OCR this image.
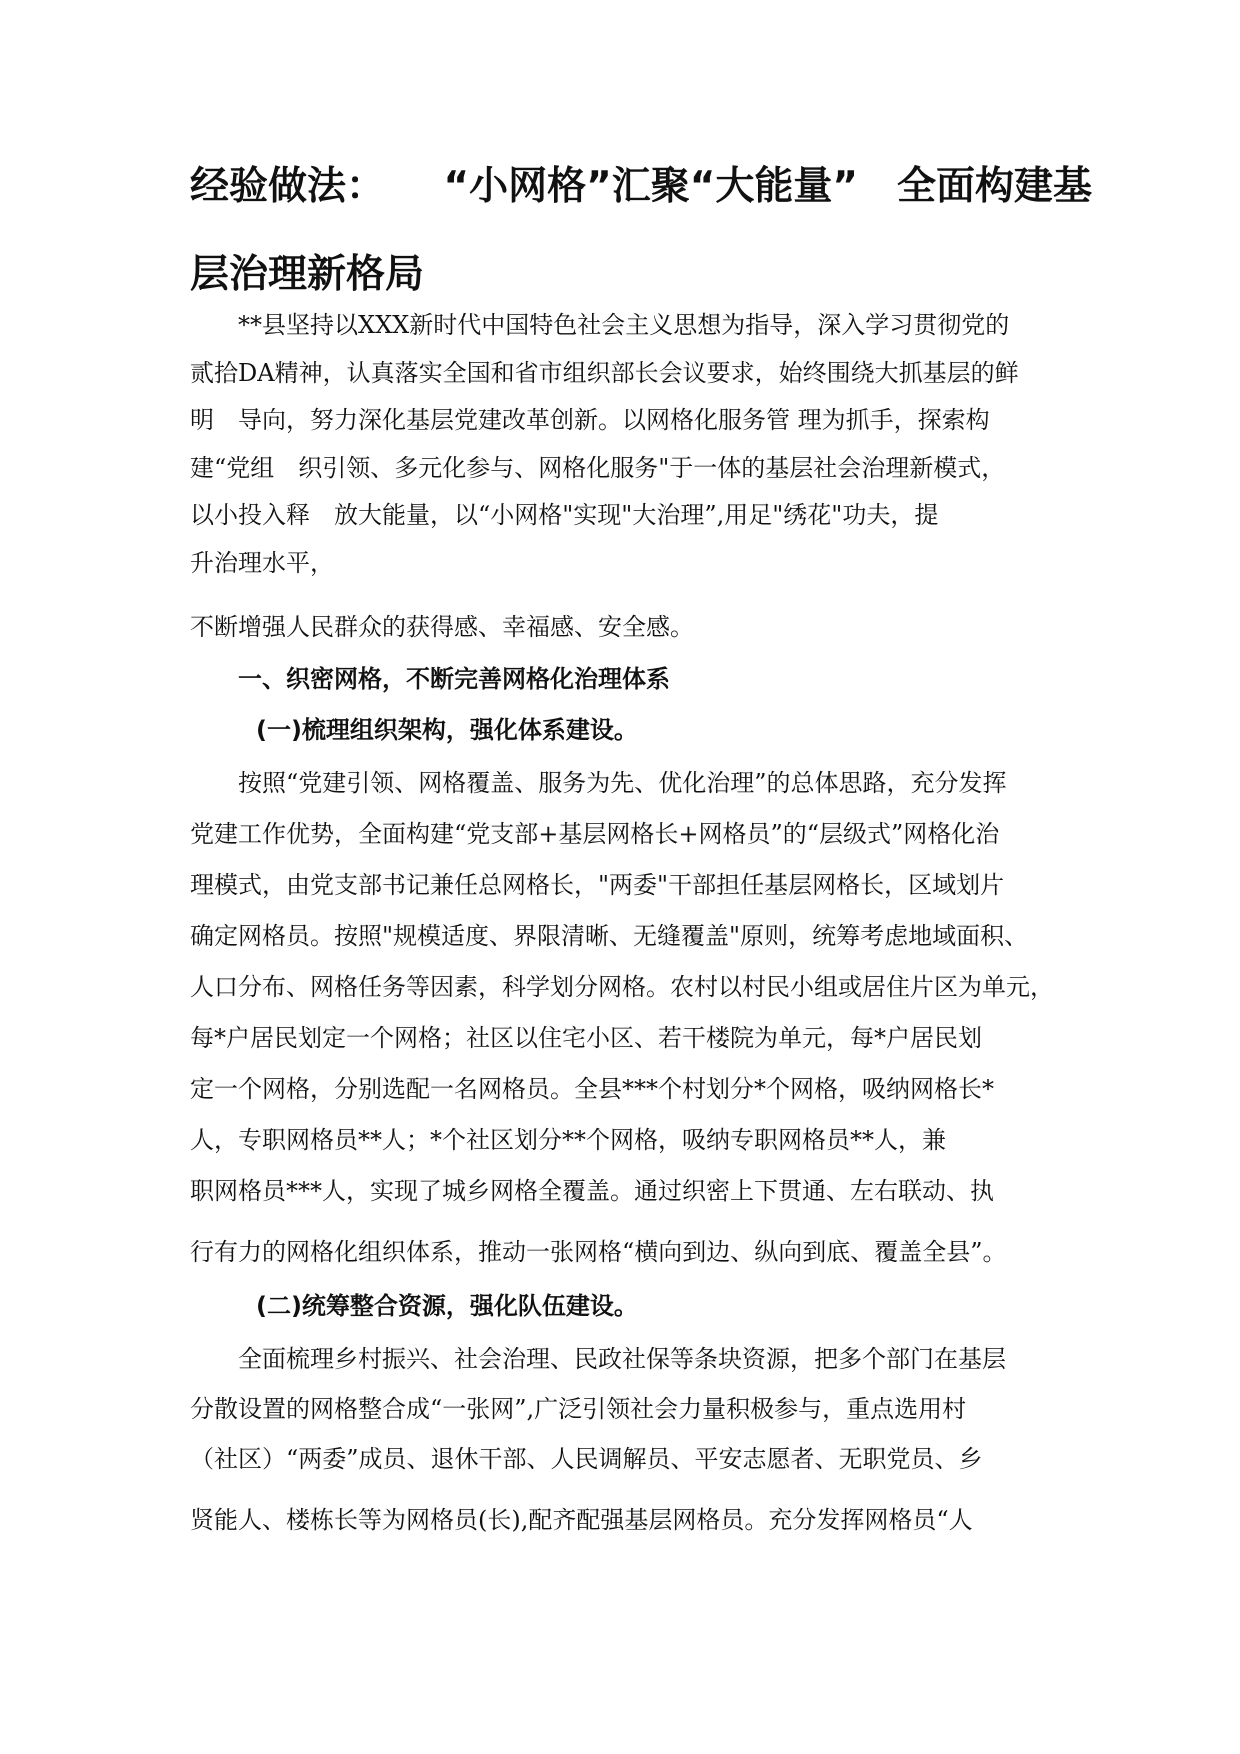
经验做法：　　“小网格”汇聚“大能量”　全面构建基
层治理新格局
**县坚持以XXX新时代中国特色社会主义思想为指导，深入学习贯彻党的
贰拾DA精神，认真落实全国和省市组织部长会议要求，始终围绕大抓基层的鲜
明　导向，努力深化基层党建改革创新。以网格化服务管 理为抓手，探索构
建“党组　织引领、多元化参与、网格化服务"于一体的基层社会治理新模式，
以小投入释　放大能量，以“小网格"实现"大治理”,用足"绣花"功夫，提
升治理水平，
不断增强人民群众的获得感、幸福感、安全感。
一、织密网格，不断完善网格化治理体系
(一)梳理组织架构，强化体系建设。
按照“党建引领、网格覆盖、服务为先、优化治理”的总体思路，充分发挥
党建工作优势，全面构建“党支部+基层网格长+网格员”的“层级式”网格化治
理模式，由党支部书记兼任总网格长，"两委"干部担任基层网格长，区域划片
确定网格员。按照"规模适度、界限清晰、无缝覆盖"原则，统筹考虑地域面积、
人口分布、网格任务等因素，科学划分网格。农村以村民小组或居住片区为单元，
每*户居民划定一个网格；社区以住宅小区、若干楼院为单元，每*户居民划
定一个网格，分别选配一名网格员。全县***个村划分*个网格，吸纳网格长*
人，专职网格员**人；*个社区划分**个网格，吸纳专职网格员**人，兼
职网格员***人，实现了城乡网格全覆盖。通过织密上下贯通、左右联动、执
行有力的网格化组织体系，推动一张网格“横向到边、纵向到底、覆盖全县”。
(二)统筹整合资源，强化队伍建设。
全面梳理乡村振兴、社会治理、民政社保等条块资源，把多个部门在基层
分散设置的网格整合成“一张网”,广泛引领社会力量积极参与，重点选用村
（社区）“两委”成员、退休干部、人民调解员、平安志愿者、无职党员、乡
贤能人、楼栋长等为网格员(长),配齐配强基层网格员。充分发挥网格员“人
